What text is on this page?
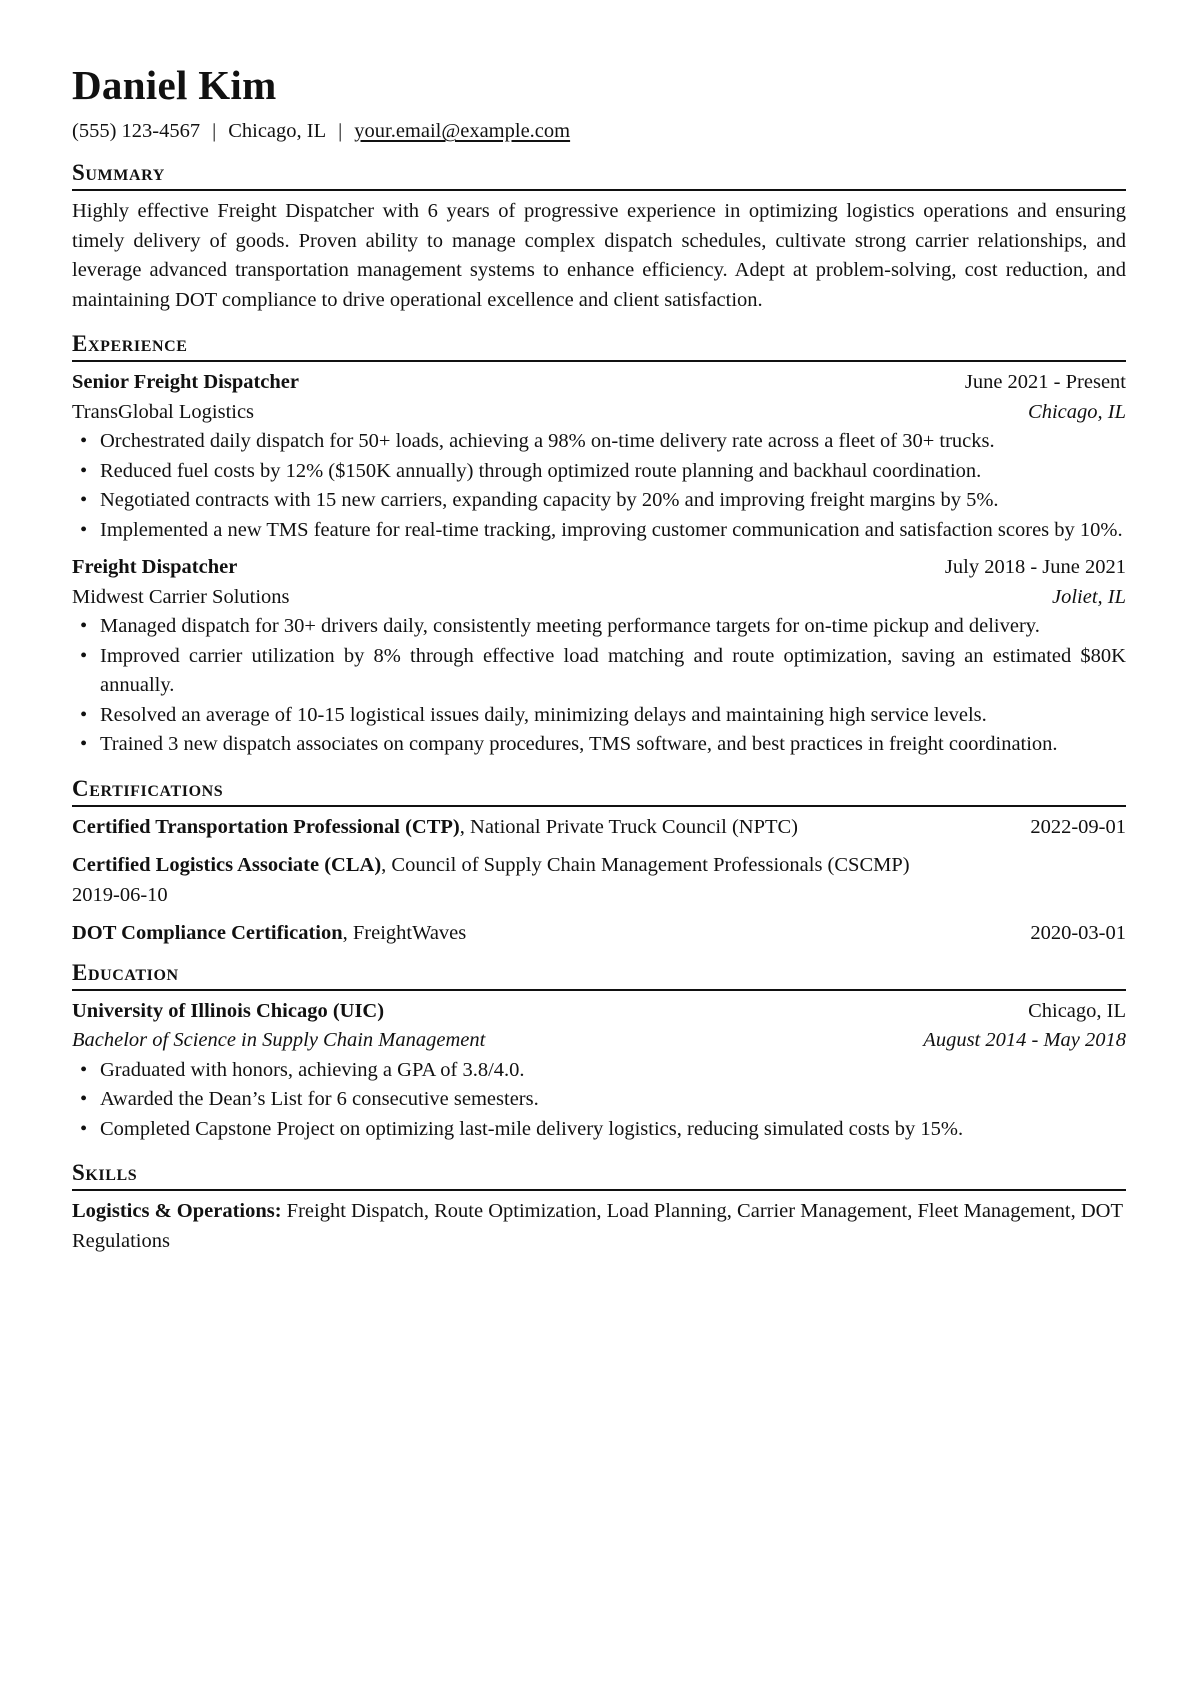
Daniel Kim
(555) 123-4567 | Chicago, IL | your.email@example.com
Summary

Highly effective Freight Dispatcher with 6 years of progressive experience in optimizing logistics operations and ensuring timely delivery of goods. Proven ability to manage complex dispatch schedules, cultivate strong carrier relationships, and leverage advanced transportation management systems to enhance efficiency. Adept at problem-solving, cost reduction, and maintaining DOT compliance to drive operational excellence and client satisfaction.

Experience
Senior Freight Dispatcher	June 2021 - Present
TransGlobal Logistics	Chicago, IL
• Orchestrated daily dispatch for 50+ loads, achieving a 98% on-time delivery rate across a fleet of 30+ trucks.
• Reduced fuel costs by 12% ($150K annually) through optimized route planning and backhaul coordination.
• Negotiated contracts with 15 new carriers, expanding capacity by 20% and improving freight margins by 5%.
• Implemented a new TMS feature for real-time tracking, improving customer communication and satisfaction scores by 10%.
Freight Dispatcher	July 2018 - June 2021
Midwest Carrier Solutions	Joliet, IL
• Managed dispatch for 30+ drivers daily, consistently meeting performance targets for on-time pickup and delivery.
• Improved carrier utilization by 8% through effective load matching and route optimization, saving an estimated $80K annually.
• Resolved an average of 10-15 logistical issues daily, minimizing delays and maintaining high service levels.
• Trained 3 new dispatch associates on company procedures, TMS software, and best practices in freight coordination.
Certifications
Certified Transportation Professional (CTP), National Private Truck Council (NPTC)	2022-09-01
Certified Logistics Associate (CLA), Council of Supply Chain Management Professionals (CSCMP)
2019-06-10
DOT Compliance Certification, FreightWaves	2020-03-01
Education
University of Illinois Chicago (UIC)	Chicago, IL
Bachelor of Science in Supply Chain Management	August 2014 - May 2018
• Graduated with honors, achieving a GPA of 3.8/4.0.
• Awarded the Dean’s List for 6 consecutive semesters.
• Completed Capstone Project on optimizing last-mile delivery logistics, reducing simulated costs by 15%.
Skills

Logistics & Operations: Freight Dispatch, Route Optimization, Load Planning, Carrier Management, Fleet Management, DOT Regulations
